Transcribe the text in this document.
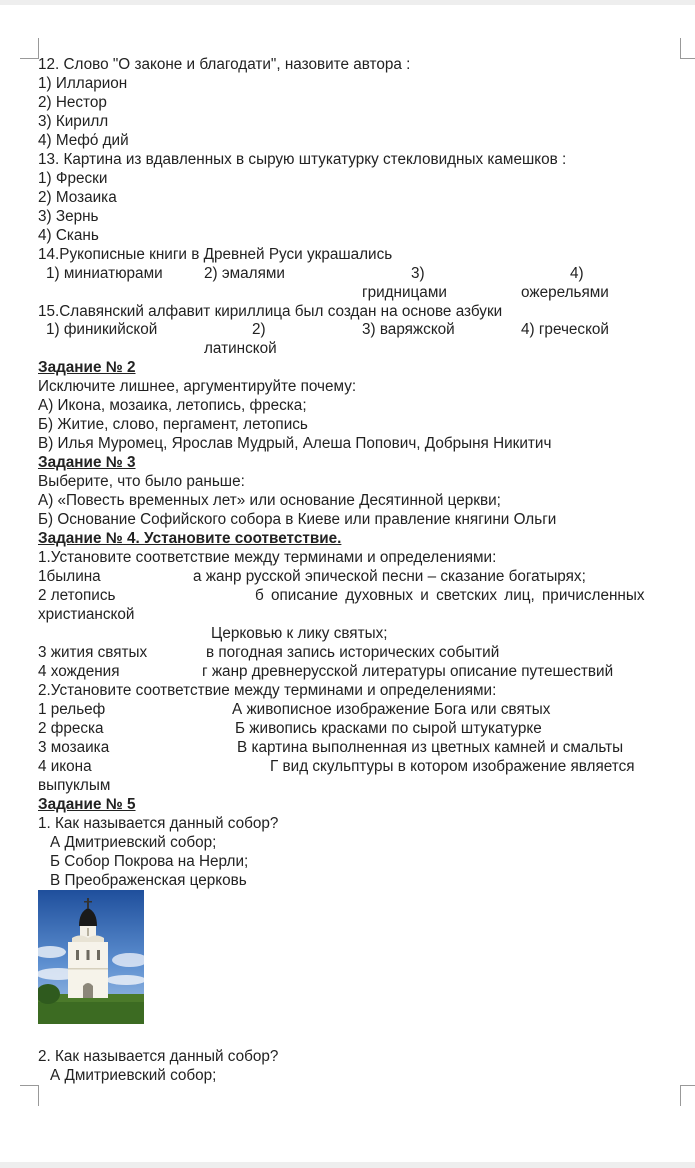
12. Слово "О законе и благодати", назовите автора :
1) Илларион
2) Нестор
3) Кирилл
4) Мефо́ дий
13. Картина из вдавленных в сырую штукатурку стекловидных камешков :
1) Фрески
2) Мозаика
3) Зернь
4) Скань
14.Рукописные книги в Древней Руси украшались
1) миниатюрами	2) эмалями	3)
гридницами
4)
ожерельями
15.Славянский алфавит кириллица был создан на основе азбуки
1) финикийской	2)
латинской
3) варяжской	4) греческой
Задание № 2
Исключите лишнее, аргументируйте почему:
А) Икона, мозаика, летопись, фреска;
Б) Житие, слово, пергамент, летопись
В) Илья Муромец, Ярослав Мудрый, Алеша Попович, Добрыня Никитич
Задание № 3
Выберите, что было раньше:
А) «Повесть временных лет» или основание Десятинной церкви;
Б) Основание Софийского собора в Киеве или правление княгини Ольги
Задание № 4. Установите соответствие.
1.Установите соответствие между терминами и определениями:
1былина	а жанр русской эпической песни – сказание богатырях;
2 летопись	б описание духовных и светских лиц, причисленных
христианской
Церковью к лику святых;
3 жития святых	в погодная запись исторических событий
4 хождения	г жанр древнерусской литературы описание путешествий
2.Установите соответствие между терминами и определениями:
1 рельеф	А живописное изображение Бога или святых
2 фреска	Б живопись красками по сырой штукатурке
3 мозаика	В картина выполненная из цветных камней и смальты
4 икона	Г вид скульптуры в котором изображение является
выпуклым
Задание № 5
1. Как называется данный собор?
А Дмитриевский собор;
Б Собор Покрова на Нерли;
В Преображенская церковь
2. Как называется данный собор?
А Дмитриевский собор;
